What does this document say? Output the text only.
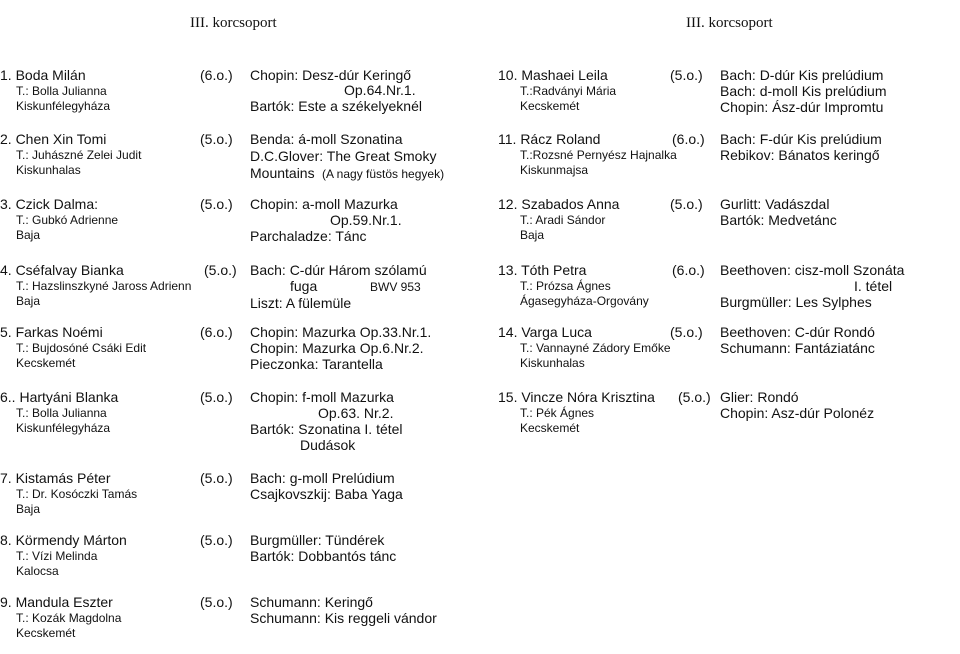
III. korcsoport	III. korcsoport
1. Boda Milán	(6.o.)
T.: Bolla Julianna
Kiskunfélegyháza
Chopin: Desz-dúr Keringő
Op.64.Nr.1.
Bartók: Este a székelyeknél
2. Chen Xin Tomi	(5.o.)
T.: Juhászné Zelei Judit
Kiskunhalas
Benda: á-moll Szonatina
D.C.Glover: The Great Smoky
Mountains (A nagy füstös hegyek)
3. Czick Dalma:	(5.o.)
T.: Gubkó Adrienne
Baja
Chopin: a-moll Mazurka
Op.59.Nr.1.
Parchaladze: Tánc
4. Cséfalvay Bianka	(5.o.)
T.: Hazslinszkyné Jaross Adrienn
Baja
Bach: C-dúr Három szólamú
fuga	BWV 953
Liszt: A fülemüle
5. Farkas Noémi	(6.o.)
T.: Bujdosóné Csáki Edit
Kecskemét
Chopin: Mazurka Op.33.Nr.1.
Chopin: Mazurka Op.6.Nr.2.
Pieczonka: Tarantella
6.. Hartyáni Blanka	(5.o.)
T.: Bolla Julianna
Kiskunfélegyháza
Chopin: f-moll Mazurka
Op.63. Nr.2.
Bartók: Szonatina I. tétel
Dudások
7. Kistamás Péter	(5.o.)
T.: Dr. Kosóczki Tamás
Baja
Bach: g-moll Prelúdium
Csajkovszkij: Baba Yaga
8. Körmendy Márton	(5.o.)
T.: Vízi Melinda
Kalocsa
Burgmüller: Tündérek
Bartók: Dobbantós tánc
9. Mandula Eszter	(5.o.)
T.: Kozák Magdolna
Kecskemét
Schumann: Keringő
Schumann: Kis reggeli vándor
10. Mashaei Leila	(5.o.)
T.:Radványi Mária
Kecskemét
Bach: D-dúr Kis prelúdium
Bach: d-moll Kis prelúdium
Chopin: Ász-dúr Impromtu
11. Rácz Roland	(6.o.)
T.:Rozsné Pernyész Hajnalka
Kiskunmajsa
Bach: F-dúr Kis prelúdium
Rebikov: Bánatos keringő
12. Szabados Anna	(5.o.)
T.: Aradi Sándor
Baja
Gurlitt: Vadászdal
Bartók: Medvetánc
13. Tóth Petra	(6.o.)
T.: Prózsa Ágnes
Ágasegyháza-Orgovány
Beethoven: cisz-moll Szonáta
I. tétel
Burgmüller: Les Sylphes
14. Varga Luca	(5.o.)
T.: Vannayné Zádory Emőke
Kiskunhalas
Beethoven: C-dúr Rondó
Schumann: Fantáziatánc
15. Vincze Nóra Krisztina (5.o.)
T.: Pék Ágnes
Kecskemét
Glier: Rondó
Chopin: Asz-dúr Polonéz
